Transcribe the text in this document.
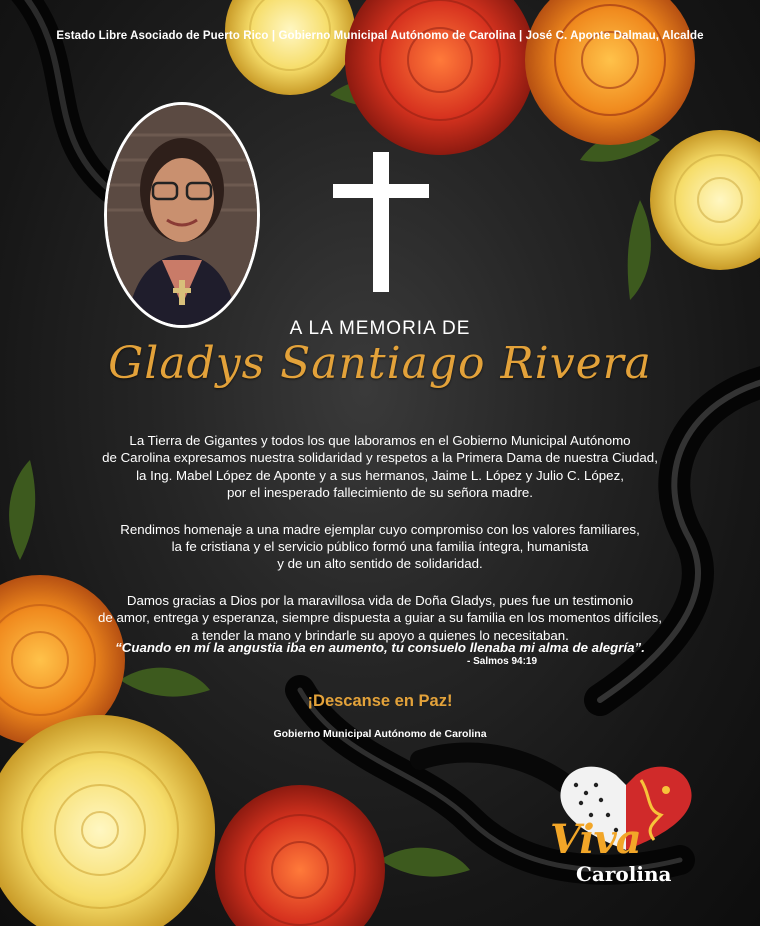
Estado Libre Asociado de Puerto Rico | Gobierno Municipal Autónomo de Carolina | José C. Aponte Dalmau, Alcalde
A LA MEMORIA DE
Gladys Santiago Rivera

La Tierra de Gigantes y todos los que laboramos en el Gobierno Municipal Autónomo
de Carolina expresamos nuestra solidaridad y respetos a la Primera Dama de nuestra Ciudad,
la Ing. Mabel López de Aponte y a sus hermanos, Jaime L. López y Julio C. López,
por el inesperado fallecimiento de su señora madre.

Rendimos homenaje a una madre ejemplar cuyo compromiso con los valores familiares,
la fe cristiana y el servicio público formó una familia íntegra, humanista
y de un alto sentido de solidaridad.

Damos gracias a Dios por la maravillosa vida de Doña Gladys, pues fue un testimonio
de amor, entrega y esperanza, siempre dispuesta a guiar a su familia en los momentos difíciles,
a tender la mano y brindarle su apoyo a quienes lo necesitaban.

“Cuando en mí la angustia iba en aumento, tu consuelo llenaba mi alma de alegría”.
- Salmos 94:19
¡Descanse en Paz!
Gobierno Municipal Autónomo de Carolina
Viva
Carolina
